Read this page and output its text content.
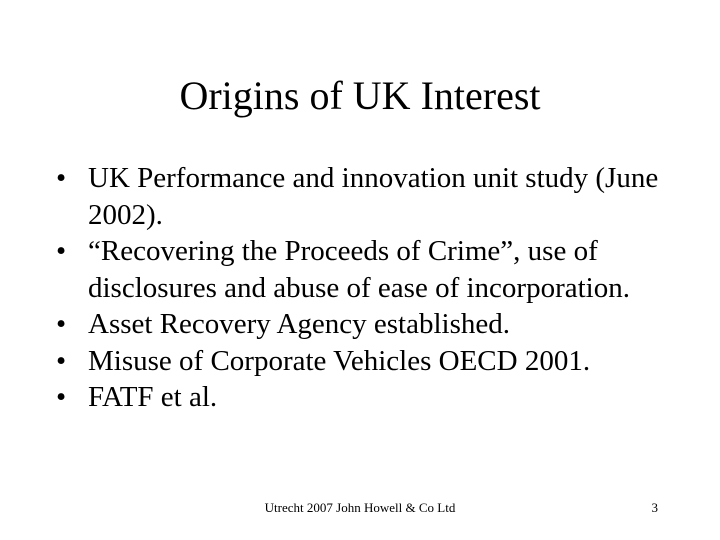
Origins of UK Interest
• UK Performance and innovation unit study (June 2002).
• “Recovering the Proceeds of Crime”, use of disclosures and abuse of ease of incorporation.
• Asset Recovery Agency established.
• Misuse of Corporate Vehicles OECD 2001.
• FATF et al.
Utrecht 2007 John Howell & Co Ltd	3
